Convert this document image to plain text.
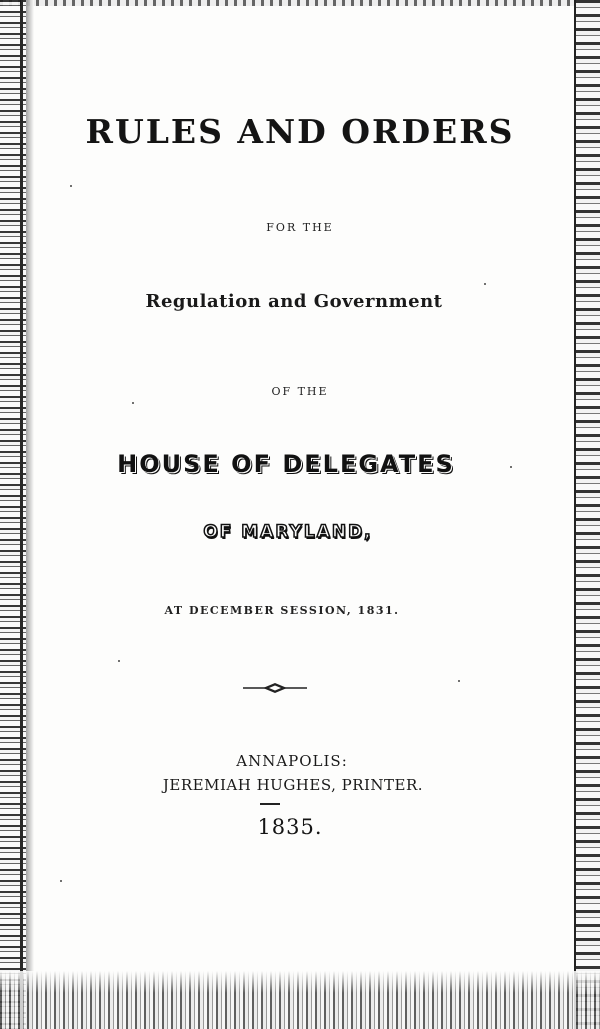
RULES AND ORDERS
FOR THE
Regulation and Government
OF THE
HOUSE OF DELEGATES
OF MARYLAND,
AT DECEMBER SESSION, 1831.
ANNAPOLIS:
JEREMIAH HUGHES, PRINTER.
1835.
